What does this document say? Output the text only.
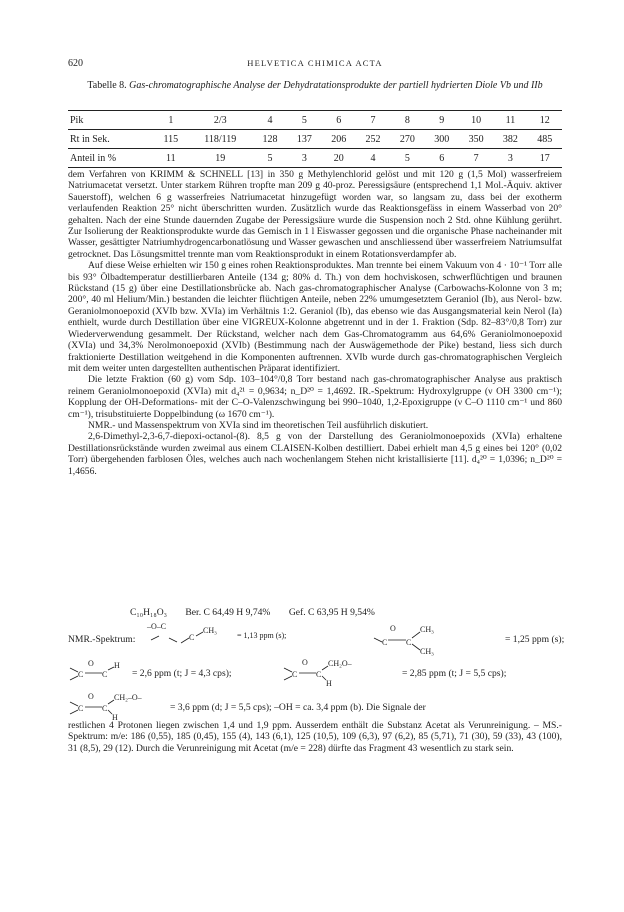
620	HELVETICA CHIMICA ACTA
Tabelle 8. Gas-chromatographische Analyse der Dehydratationsprodukte der partiell hydrierten Diole Vb und IIb
Pik	1	2/3	4	5	6	7	8	9	10	11	12
Rt in Sek.	115	118/119	128	137	206	252	270	300	350	382	485
Anteil in %	11	19	5	3	20	4	5	6	7	3	17

dem Verfahren von KRIMM & SCHNELL [13] in 350 g Methylenchlorid gelöst und mit 120 g (1,5 Mol) wasserfreiem Natriumacetat versetzt. Unter starkem Rühren tropfte man 209 g 40-proz. Peressigsäure (entsprechend 1,1 Mol.-Äquiv. aktiver Sauerstoff), welchen 6 g wasserfreies Natriumacetat hinzugefügt worden war, so langsam zu, dass bei der exotherm verlaufenden Reaktion 25° nicht überschritten wurden. Zusätzlich wurde das Reaktionsgefäss in einem Wasserbad von 20° gehalten. Nach der eine Stunde dauernden Zugabe der Peressigsäure wurde die Suspension noch 2 Std. ohne Kühlung gerührt. Zur Isolierung der Reaktionsprodukte wurde das Gemisch in 1 l Eiswasser gegossen und die organische Phase nacheinander mit Wasser, gesättigter Natriumhydrogencarbonatlösung und Wasser gewaschen und anschliessend über wasserfreiem Natriumsulfat getrocknet. Das Lösungsmittel trennte man vom Reaktionsprodukt in einem Rotationsverdampfer ab.

Auf diese Weise erhielten wir 150 g eines rohen Reaktionsproduktes. Man trennte bei einem Vakuum von 4 · 10⁻¹ Torr alle bis 93° Ölbadtemperatur destillierbaren Anteile (134 g; 80% d. Th.) von dem hochviskosen, schwerflüchtigen und braunen Rückstand (15 g) über eine Destillationsbrücke ab. Nach gas-chromatographischer Analyse (Carbowachs-Kolonne von 3 m; 200°, 40 ml Helium/Min.) bestanden die leichter flüchtigen Anteile, neben 22% umumgesetztem Geraniol (Ib), aus Nerol- bzw. Geraniolmonoepoxid (XVIb bzw. XVIa) im Verhältnis 1:2. Geraniol (Ib), das ebenso wie das Ausgangsmaterial kein Nerol (Ia) enthielt, wurde durch Destillation über eine VIGREUX-Kolonne abgetrennt und in der 1. Fraktion (Sdp. 82–83°/0,8 Torr) zur Wiederverwendung gesammelt. Der Rückstand, welcher nach dem Gas-Chromatogramm aus 64,6% Geraniolmonoepoxid (XVIa) und 34,3% Nerolmonoepoxid (XVIb) (Bestimmung nach der Auswägemethode der Pike) bestand, liess sich durch fraktionierte Destillation weitgehend in die Komponenten auftrennen. XVIb wurde durch gas-chromatographischen Vergleich mit dem weiter unten dargestellten authentischen Präparat identifiziert.

Die letzte Fraktion (60 g) vom Sdp. 103–104°/0,8 Torr bestand nach gas-chromatographischer Analyse aus praktisch reinem Geraniolmonoepoxid (XVIa) mit d₄²¹ = 0,9634; n_D²⁰ = 1,4692. IR.-Spektrum: Hydroxylgruppe (ν OH 3300 cm⁻¹); Kopplung der OH-Deformations- mit der C–O-Valenzschwingung bei 990–1040, 1,2-Epoxigruppe (ν C–O 1110 cm⁻¹ und 860 cm⁻¹), trisubstituierte Doppelbindung (ω 1670 cm⁻¹).

NMR.- und Massenspektrum von XVIa sind im theoretischen Teil ausführlich diskutiert.

2,6-Dimethyl-2,3-6,7-diepoxi-octanol-(8). 8,5 g von der Darstellung des Geraniolmonoepoxids (XVIa) erhaltene Destillationsrückstände wurden zweimal aus einem CLAISEN-Kolben destilliert. Dabei erhielt man 4,5 g eines bei 120° (0,02 Torr) übergehenden farblosen Öles, welches auch nach wochenlangem Stehen nicht kristallisierte [11]. d₄²⁰ = 1,0396; n_D²⁰ = 1,4656.

C₁₀H₁₈O₃ Ber. C 64,49 H 9,74% Gef. C 63,95 H 9,54%
NMR.-Spektrum:
–O–C
C
CH₃
= 1,13 ppm (s);
C
O
C
CH₃
CH₃
= 1,25 ppm (s);
C
O
C
H
= 2,6 ppm (t; J = 4,3 cps);	C
O
C
CH₂O–
H
= 2,85 ppm (t; J = 5,5 cps);
C
O
C
CH₂–O–
H
= 3,6 ppm (d; J = 5,5 cps); –OH = ca. 3,4 ppm (b). Die Signale der
restlichen 4 Protonen liegen zwischen 1,4 und 1,9 ppm. Ausserdem enthält die Substanz Acetat als Verunreinigung. – MS.-Spektrum: m/e: 186 (0,55), 185 (0,45), 155 (4), 143 (6,1), 125 (10,5), 109 (6,3), 97 (6,2), 85 (5,71), 71 (30), 59 (33), 43 (100), 31 (8,5), 29 (12). Durch die Verunreinigung mit Acetat (m/e = 228) dürfte das Fragment 43 wesentlich zu stark sein.
